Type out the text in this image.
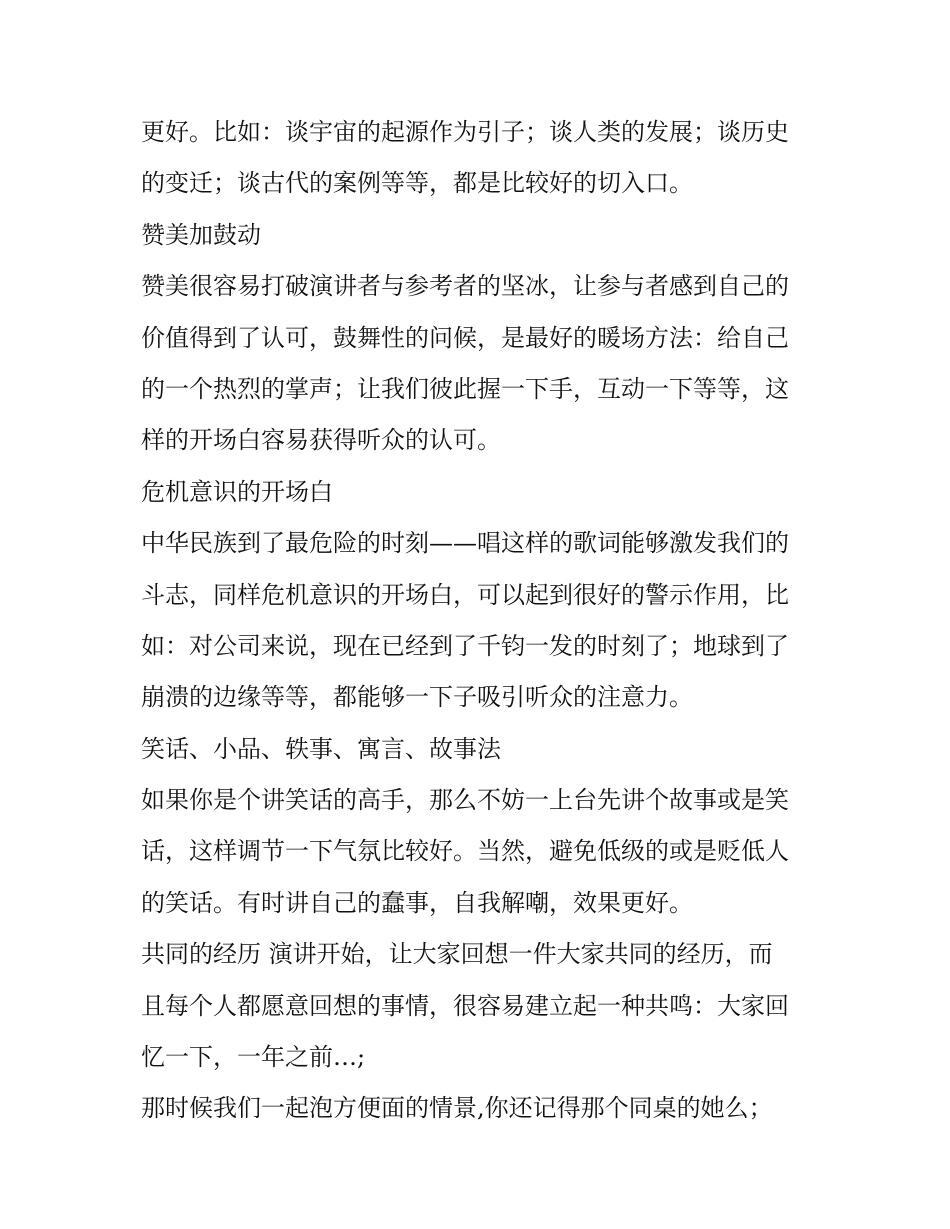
更好。比如：谈宇宙的起源作为引子；谈人类的发展；谈历史
的变迁；谈古代的案例等等，都是比较好的切入口。
赞美加鼓动
赞美很容易打破演讲者与参考者的坚冰，让参与者感到自己的
价值得到了认可，鼓舞性的问候，是最好的暖场方法：给自己
的一个热烈的掌声；让我们彼此握一下手，互动一下等等，这
样的开场白容易获得听众的认可。
危机意识的开场白
中华民族到了最危险的时刻——唱这样的歌词能够激发我们的
斗志，同样危机意识的开场白，可以起到很好的警示作用，比
如：对公司来说，现在已经到了千钧一发的时刻了；地球到了
崩溃的边缘等等，都能够一下子吸引听众的注意力。
笑话、小品、轶事、寓言、故事法
如果你是个讲笑话的高手，那么不妨一上台先讲个故事或是笑
话，这样调节一下气氛比较好。当然，避免低级的或是贬低人
的笑话。有时讲自己的蠢事，自我解嘲，效果更好。
共同的经历 演讲开始，让大家回想一件大家共同的经历，而
且每个人都愿意回想的事情，很容易建立起一种共鸣：大家回
忆一下，一年之前…;
那时候我们一起泡方便面的情景,你还记得那个同桌的她么；
